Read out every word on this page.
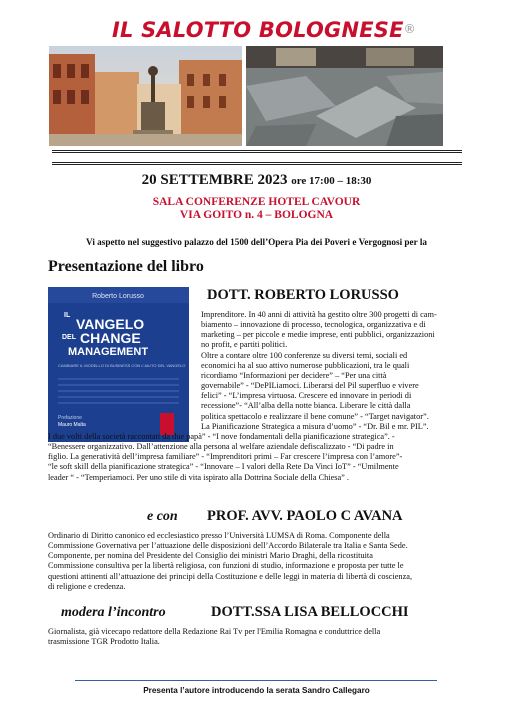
IL SALOTTO BOLOGNESE®
20 SETTEMBRE 2023 ore 17:00 – 18:30
SALA CONFERENZE HOTEL CAVOUR
VIA GOITO n. 4 – BOLOGNA
Vi aspetto nel suggestivo palazzo del 1500 dell’Opera Pia dei Poveri e Vergognosi per la
Presentazione del libro
Roberto Lorusso
IL
VANGELO
DEL CHANGE
MANAGEMENT
CAMBIARE IL MODELLO DI BUSINESS CON L’AIUTO DEL VANGELO
Prefazione
Mauro Malta
DOTT. ROBERTO LORUSSO
Imprenditore. In 40 anni di attività ha gestito oltre 300 progetti di cam-
biamento – innovazione di processo, tecnologica, organizzativa e di
marketing – per piccole e medie imprese, enti pubblici, organizzazioni
no profit, e partiti politici.
Oltre a contare oltre 100 conferenze su diversi temi, sociali ed
economici ha al suo attivo numerose pubblicazioni, tra le quali
ricordiamo “Informazioni per decidere” – “Per una città
governabile” - “DePILiamoci. Liberarsi del Pil superfluo e vivere
felici” - “L’impresa virtuosa. Crescere ed innovare in periodi di
recessione”- “All’alba della notte bianca. Liberare le città dalla
politica spettacolo e realizzare il bene comune” - “Target navigator”.
La Pianificazione Strategica a misura d’uomo” - “Dr. Bil e mr. PIL”.
I due volti della società raccontati da due papà” - “I nove fondamentali della pianificazione strategica”. -
“Benessere organizzativo. Dall’attenzione alla persona al welfare aziendale defiscalizzato - “Di padre in
figlio. La generatività dell’impresa familiare” - “Imprenditori primi – Far crescere l’impresa con l’amore”-
“le soft skill della pianificazione strategica” - “Innovare – I valori della Rete Da Vinci IoT” - “Umilmente
leader “ - “Temperiamoci. Per uno stile di vita ispirato alla Dottrina Sociale della Chiesa” .
e con PROF. AVV. PAOLO C AVANA
Ordinario di Diritto canonico ed ecclesiastico presso l’Università LUMSA di Roma. Componente della
Commissione Governativa per l’attuazione delle disposizioni dell’Accordo Bilaterale tra Italia e Santa Sede.
Componente, per nomina del Presidente del Consiglio dei ministri Mario Draghi, della ricostituita
Commissione consultiva per la libertà religiosa, con funzioni di studio, informazione e proposta per tutte le
questioni attinenti all’attuazione dei principi della Costituzione e delle leggi in materia di libertà di coscienza,
di religione e credenza.
modera l’incontro	DOTT.SSA LISA BELLOCCHI
Giornalista, già vicecapo redattore della Redazione Rai Tv per l'Emilia Romagna e conduttrice della
trasmissione TGR Prodotto Italia.
Presenta l’autore introducendo la serata Sandro Callegaro
